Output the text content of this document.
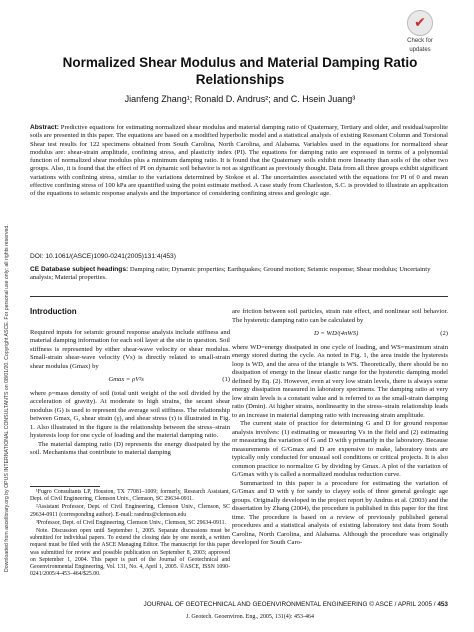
Downloaded from ascelibrary.org by OPUS INTERNATIONAL CONSULTANTS on 08/01/20. Copyright ASCE. For personal use only; all rights reserved.
✔
Check for
updates
Normalized Shear Modulus and Material Damping Ratio Relationships
Jianfeng Zhang¹; Ronald D. Andrus²; and C. Hsein Juang³
Abstract: Predictive equations for estimating normalized shear modulus and material damping ratio of Quaternary, Tertiary and older, and residual/saprolite soils are presented in this paper. The equations are based on a modified hyperbolic model and a statistical analysis of existing Resonant Column and Torsional Shear test results for 122 specimens obtained from South Carolina, North Carolina, and Alabama. Variables used in the equations for normalized shear modulus are: shear-strain amplitude, confining stress, and plasticity index (PI). The equations for damping ratio are expressed in terms of a polynomial function of normalized shear modulus plus a minimum damping ratio. It is found that the Quaternary soils exhibit more linearity than soils of the other two groups. Also, it is found that the effect of PI on dynamic soil behavior is not as significant as previously thought. Data from all three groups exhibit significant variations with confining stress, similar to the variations determined by Stokoe et al. The uncertainties associated with the equations for PI of 0 and mean effective confining stress of 100 kPa are quantified using the point estimate method. A case study from Charleston, S.C. is provided to illustrate an application of the equations to seismic response analysis and the importance of considering confining stress and geologic age.
DOI: 10.1061/(ASCE)1090-0241(2005)131:4(453)
CE Database subject headings: Damping ratio; Dynamic properties; Earthquakes; Ground motion; Seismic response; Shear modulus; Uncertainty analysis; Material properties.
Introduction

Required inputs for seismic ground response analysis include stiffness and material damping information for each soil layer at the site in question. Soil stiffness is represented by either shear-wave velocity or shear modulus. Small-strain shear-wave velocity (Vs) is directly related to small-strain shear modulus (Gmax) by

Gmax = ρV²s	(1)

where ρ=mass density of soil (total unit weight of the soil divided by the acceleration of gravity). At moderate to high strains, the secant shear modulus (G) is used to represent the average soil stiffness. The relationship between Gmax, G, shear strain (γ), and shear stress (τ) is illustrated in Fig. 1. Also illustrated in the figure is the relationship between the stress–strain hysteresis loop for one cycle of loading and the material damping ratio.

The material damping ratio (D) represents the energy dissipated by the soil. Mechanisms that contribute to material damping

¹Fugro Consultants LP, Houston, TX 77081–1009; formerly, Research Assistant, Dept. of Civil Engineering, Clemson Univ., Clemson, SC 29634-0911.

²Assistant Professor, Dept. of Civil Engineering, Clemson Univ., Clemson, SC 29634-0911 (corresponding author). E-mail: randrus@clemson.edu

³Professor, Dept. of Civil Engineering, Clemson Univ., Clemson, SC 29634-0911.

Note. Discussion open until September 1, 2005. Separate discussions must be submitted for individual papers. To extend the closing date by one month, a written request must be filed with the ASCE Managing Editor. The manuscript for this paper was submitted for review and possible publication on September 8, 2003; approved on September 1, 2004. This paper is part of the Journal of Geotechnical and Geoenvironmental Engineering, Vol. 131, No. 4, April 1, 2005. ©ASCE, ISSN 1090-0241/2005/4-453–464/$25.00.

are friction between soil particles, strain rate effect, and nonlinear soil behavior. The hysteretic damping ratio can be calculated by

D = WD/(4πWS)	(2)

where WD=energy dissipated in one cycle of loading, and WS=maximum strain energy stored during the cycle. As noted in Fig. 1, the area inside the hysteresis loop is WD, and the area of the triangle is WS. Theoretically, there should be no dissipation of energy in the linear elastic range for the hysteretic damping model defined by Eq. (2). However, even at very low strain levels, there is always some energy dissipation measured in laboratory specimens. The damping ratio at very low strain levels is a constant value and is referred to as the small-strain damping ratio (Dmin). At higher strains, nonlinearity in the stress–strain relationship leads to an increase in material damping ratio with increasing strain amplitude.

The current state of practice for determining G and D for ground response analysis involves: (1) estimating or measuring Vs in the field and (2) estimating or measuring the variation of G and D with γ primarily in the laboratory. Because measurements of G/Gmax and D are expensive to make, laboratory tests are typically only conducted for unusual soil conditions or critical projects. It is also common practice to normalize G by dividing by Gmax. A plot of the variation of G/Gmax with γ is called a normalized modulus reduction curve.

Summarized in this paper is a procedure for estimating the variation of G/Gmax and D with γ for sandy to clayey soils of three general geologic age groups. Originally developed in the project report by Andrus et al. (2003) and the dissertation by Zhang (2004), the procedure is published in this paper for the first time. The procedure is based on a review of previously published general procedures and a statistical analysis of existing laboratory test data from South Carolina, North Carolina, and Alabama. Although the procedure was originally developed for South Caro-

JOURNAL OF GEOTECHNICAL AND GEOENVIRONMENTAL ENGINEERING © ASCE / APRIL 2005 / 453
J. Geotech. Geoenviron. Eng., 2005, 131(4): 453-464
